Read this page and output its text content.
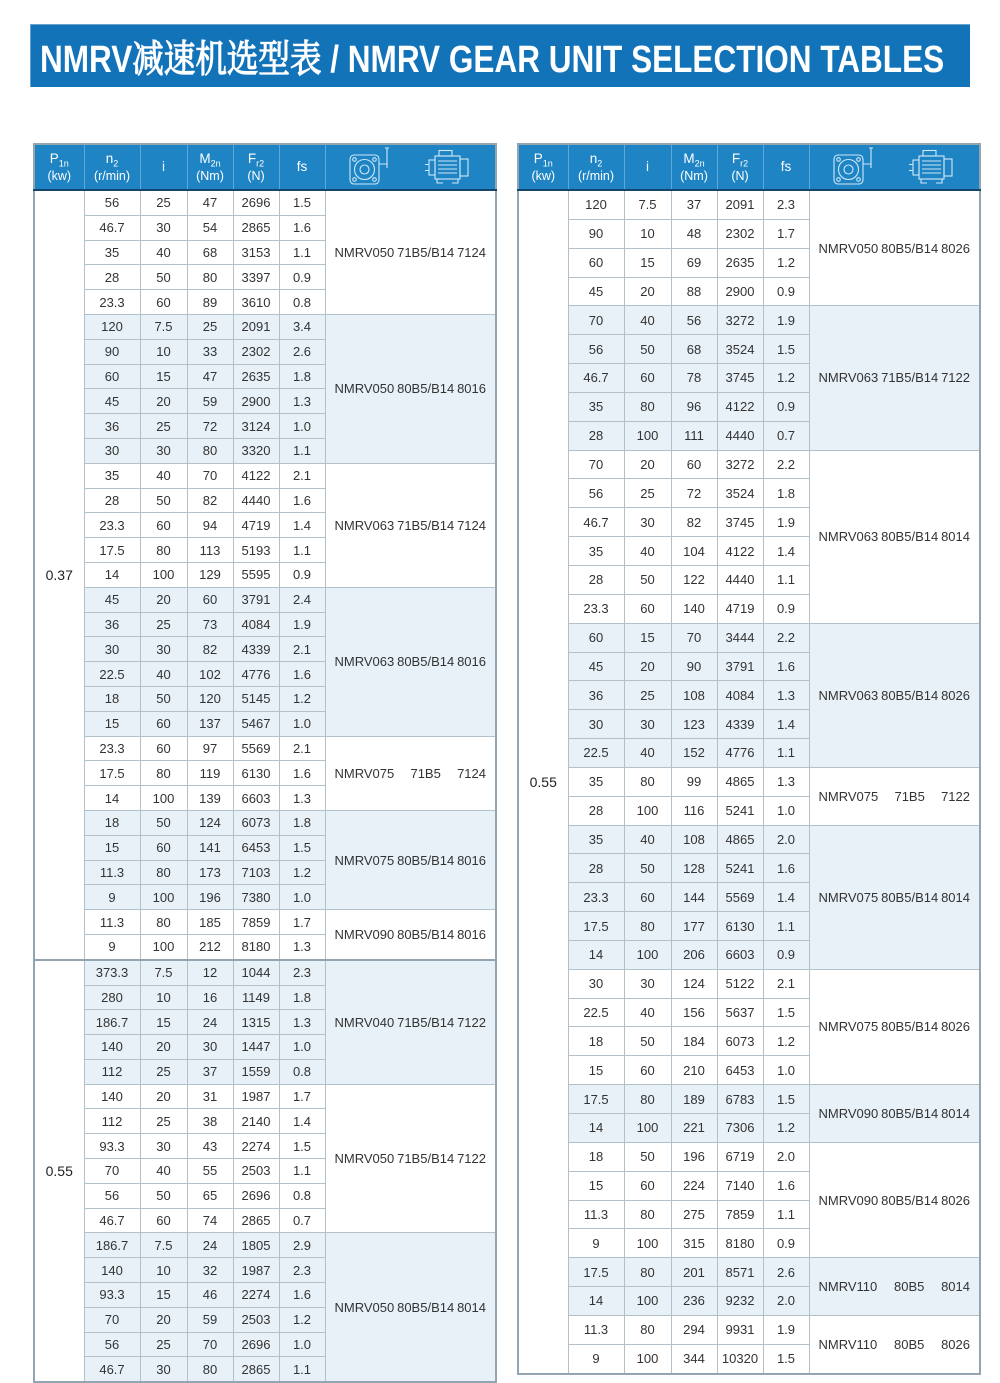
NMRV减速机选型表 / NMRV GEAR UNIT SELECTION TABLES
$P_{1n}$
(kw)

$n_2$
(r/min)

i

$M_{2n}$
(Nm)

$F_{r2}$
(N)

fs

0.37	56	25	47	2696	1.5	NMRV050 71B5/B14 7124

	46.7	30	54	2865	1.6	
	35	40	68	3153	1.1	
	28	50	80	3397	0.9	
	23.3	60	89	3610	0.8	
	120	7.5	25	2091	3.4	NMRV050 80B5/B14 8016

	90	10	33	2302	2.6	
	60	15	47	2635	1.8	
	45	20	59	2900	1.3	
	36	25	72	3124	1.0	
	30	30	80	3320	1.1	
	35	40	70	4122	2.1	NMRV063 71B5/B14 7124

	28	50	82	4440	1.6	
	23.3	60	94	4719	1.4	
	17.5	80	113	5193	1.1	
	14	100	129	5595	0.9	
	45	20	60	3791	2.4	NMRV063 80B5/B14 8016

	36	25	73	4084	1.9	
	30	30	82	4339	2.1	
	22.5	40	102	4776	1.6	
	18	50	120	5145	1.2	
	15	60	137	5467	1.0	
	23.3	60	97	5569	2.1	NMRV075 71B5 7124

	17.5	80	119	6130	1.6	
	14	100	139	6603	1.3	
	18	50	124	6073	1.8	NMRV075 80B5/B14 8016

	15	60	141	6453	1.5	
	11.3	80	173	7103	1.2	
	9	100	196	7380	1.0	
	11.3	80	185	7859	1.7	NMRV090 80B5/B14 8016

	9	100	212	8180	1.3	
0.55	373.3	7.5	12	1044	2.3	NMRV040 71B5/B14 7122

	280	10	16	1149	1.8	
	186.7	15	24	1315	1.3	
	140	20	30	1447	1.0	
	112	25	37	1559	0.8	
	140	20	31	1987	1.7	NMRV050 71B5/B14 7122

	112	25	38	2140	1.4	
	93.3	30	43	2274	1.5	
	70	40	55	2503	1.1	
	56	50	65	2696	0.8	
	46.7	60	74	2865	0.7	
	186.7	7.5	24	1805	2.9	NMRV050 80B5/B14 8014

	140	10	32	1987	2.3	
	93.3	15	46	2274	1.6	
	70	20	59	2503	1.2	
	56	25	70	2696	1.0	
	46.7	30	80	2865	1.1	
$P_{1n}$
(kw)

$n_2$
(r/min)

i

$M_{2n}$
(Nm)

$F_{r2}$
(N)

fs

0.55	120	7.5	37	2091	2.3	NMRV050 80B5/B14 8026

	90	10	48	2302	1.7	
	60	15	69	2635	1.2	
	45	20	88	2900	0.9	
	70	40	56	3272	1.9	NMRV063 71B5/B14 7122

	56	50	68	3524	1.5	
	46.7	60	78	3745	1.2	
	35	80	96	4122	0.9	
	28	100	111	4440	0.7	
	70	20	60	3272	2.2	NMRV063 80B5/B14 8014

	56	25	72	3524	1.8	
	46.7	30	82	3745	1.9	
	35	40	104	4122	1.4	
	28	50	122	4440	1.1	
	23.3	60	140	4719	0.9	
	60	15	70	3444	2.2	NMRV063 80B5/B14 8026

	45	20	90	3791	1.6	
	36	25	108	4084	1.3	
	30	30	123	4339	1.4	
	22.5	40	152	4776	1.1	
	35	80	99	4865	1.3	NMRV075 71B5 7122

	28	100	116	5241	1.0	
	35	40	108	4865	2.0	NMRV075 80B5/B14 8014

	28	50	128	5241	1.6	
	23.3	60	144	5569	1.4	
	17.5	80	177	6130	1.1	
	14	100	206	6603	0.9	
	30	30	124	5122	2.1	NMRV075 80B5/B14 8026

	22.5	40	156	5637	1.5	
	18	50	184	6073	1.2	
	15	60	210	6453	1.0	
	17.5	80	189	6783	1.5	NMRV090 80B5/B14 8014

	14	100	221	7306	1.2	
	18	50	196	6719	2.0	NMRV090 80B5/B14 8026

	15	60	224	7140	1.6	
	11.3	80	275	7859	1.1	
	9	100	315	8180	0.9	
	17.5	80	201	8571	2.6	NMRV110 80B5 8014

	14	100	236	9232	2.0	
	11.3	80	294	9931	1.9	NMRV110 80B5 8026

	9	100	344	10320	1.5	
